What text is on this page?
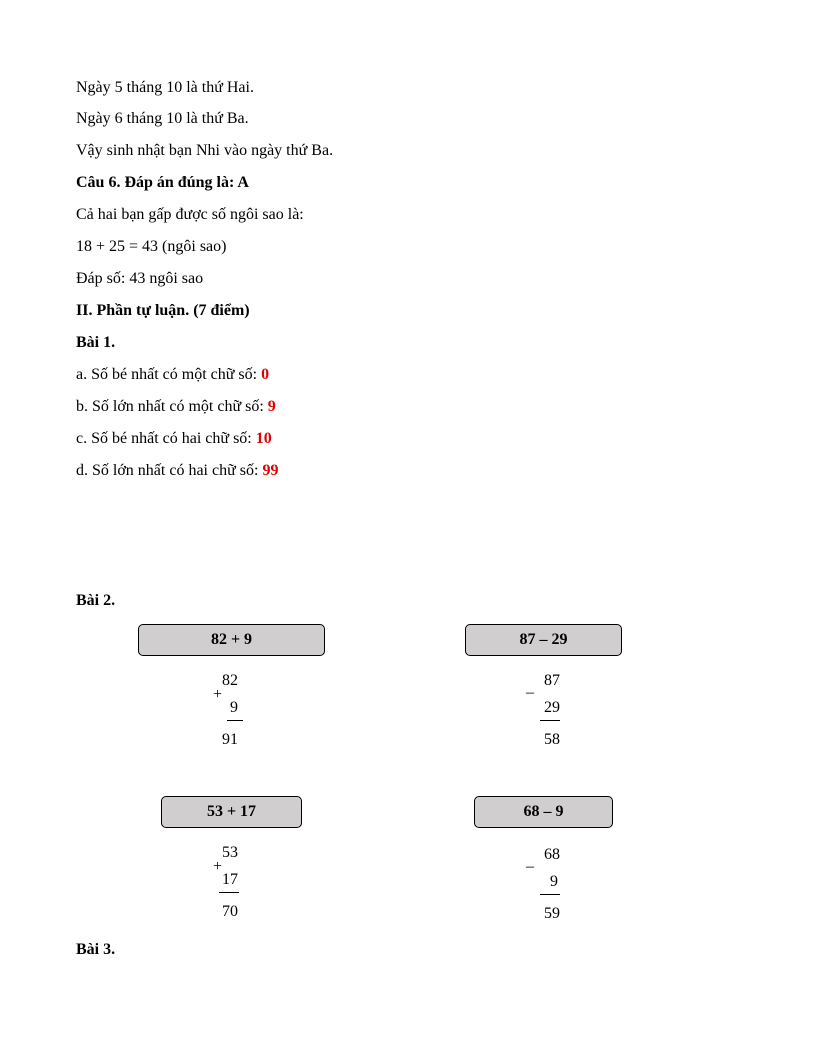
Ngày 5 tháng 10 là thứ Hai.
Ngày 6 tháng 10 là thứ Ba.
Vậy sinh nhật bạn Nhi vào ngày thứ Ba.
Câu 6. Đáp án đúng là: A
Cả hai bạn gấp được số ngôi sao là:
18 + 25 = 43 (ngôi sao)
Đáp số: 43 ngôi sao
II. Phần tự luận. (7 điểm)
Bài 1.
a. Số bé nhất có một chữ số: 0
b. Số lớn nhất có một chữ số: 9
c. Số bé nhất có hai chữ số: 10
d. Số lớn nhất có hai chữ số: 99
Bài 2.
82 + 9
+
82
9
91
87 – 29
–
87
29
58
53 + 17
+
53
17
70
68 – 9
–
68
9
59
Bài 3.
